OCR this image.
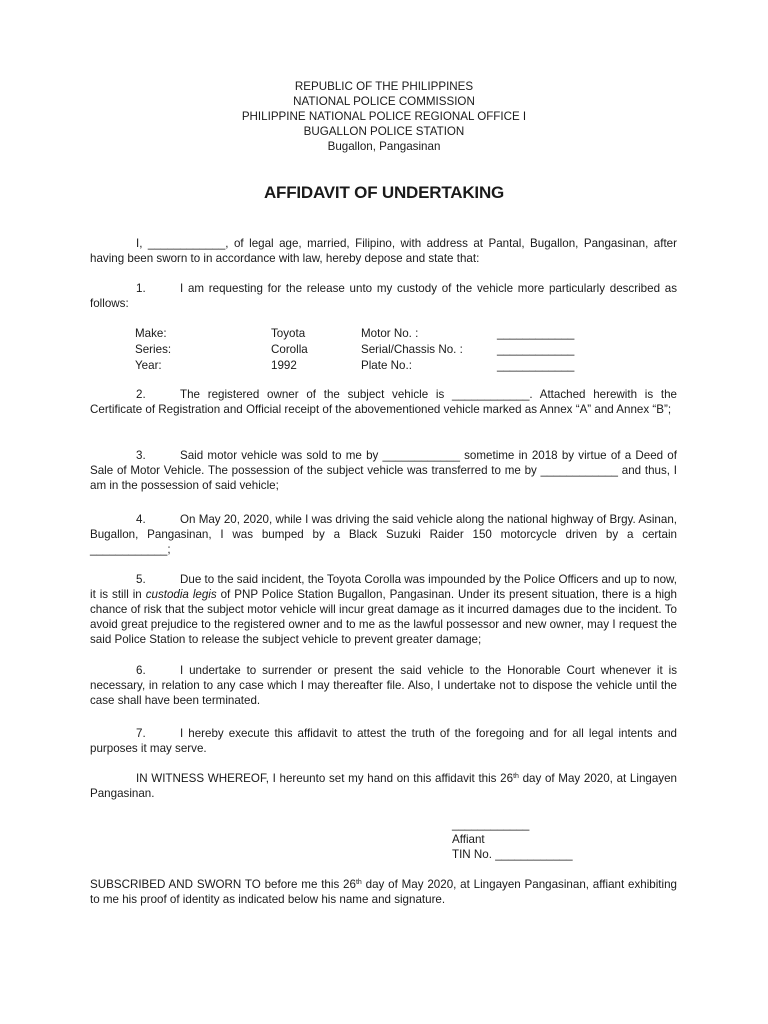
REPUBLIC OF THE PHILIPPINES
NATIONAL POLICE COMMISSION
PHILIPPINE NATIONAL POLICE REGIONAL OFFICE I
BUGALLON POLICE STATION
Bugallon, Pangasinan
AFFIDAVIT OF UNDERTAKING

I, ____________, of legal age, married, Filipino, with address at Pantal, Bugallon, Pangasinan, after having been sworn to in accordance with law, hereby depose and state that:

1.	I am requesting for the release unto my custody of the vehicle more particularly described as follows:

Make:	Toyota	Motor No. :	____________
Series:	Corolla	Serial/Chassis No. :	____________
Year:	1992	Plate No.:	____________

2.	The registered owner of the subject vehicle is ____________. Attached herewith is the Certificate of Registration and Official receipt of the abovementioned vehicle marked as Annex “A” and Annex “B”;

3.	Said motor vehicle was sold to me by ____________ sometime in 2018 by virtue of a Deed of Sale of Motor Vehicle. The possession of the subject vehicle was transferred to me by ____________ and thus, I am in the possession of said vehicle;

4.	On May 20, 2020, while I was driving the said vehicle along the national highway of Brgy. Asinan, Bugallon, Pangasinan, I was bumped by a Black Suzuki Raider 150 motorcycle driven by a certain ____________;

5.	Due to the said incident, the Toyota Corolla was impounded by the Police Officers and up to now, it is still in custodia legis of PNP Police Station Bugallon, Pangasinan. Under its present situation, there is a high chance of risk that the subject motor vehicle will incur great damage as it incurred damages due to the incident. To avoid great prejudice to the registered owner and to me as the lawful possessor and new owner, may I request the said Police Station to release the subject vehicle to prevent greater damage;

6.	I undertake to surrender or present the said vehicle to the Honorable Court whenever it is necessary, in relation to any case which I may thereafter file. Also, I undertake not to dispose the vehicle until the case shall have been terminated.

7.	I hereby execute this affidavit to attest the truth of the foregoing and for all legal intents and purposes it may serve.

IN WITNESS WHEREOF, I hereunto set my hand on this affidavit this 26th day of May 2020, at Lingayen Pangasinan.

____________
Affiant
TIN No. ____________

SUBSCRIBED AND SWORN TO before me this 26th day of May 2020, at Lingayen Pangasinan, affiant exhibiting to me his proof of identity as indicated below his name and signature.
